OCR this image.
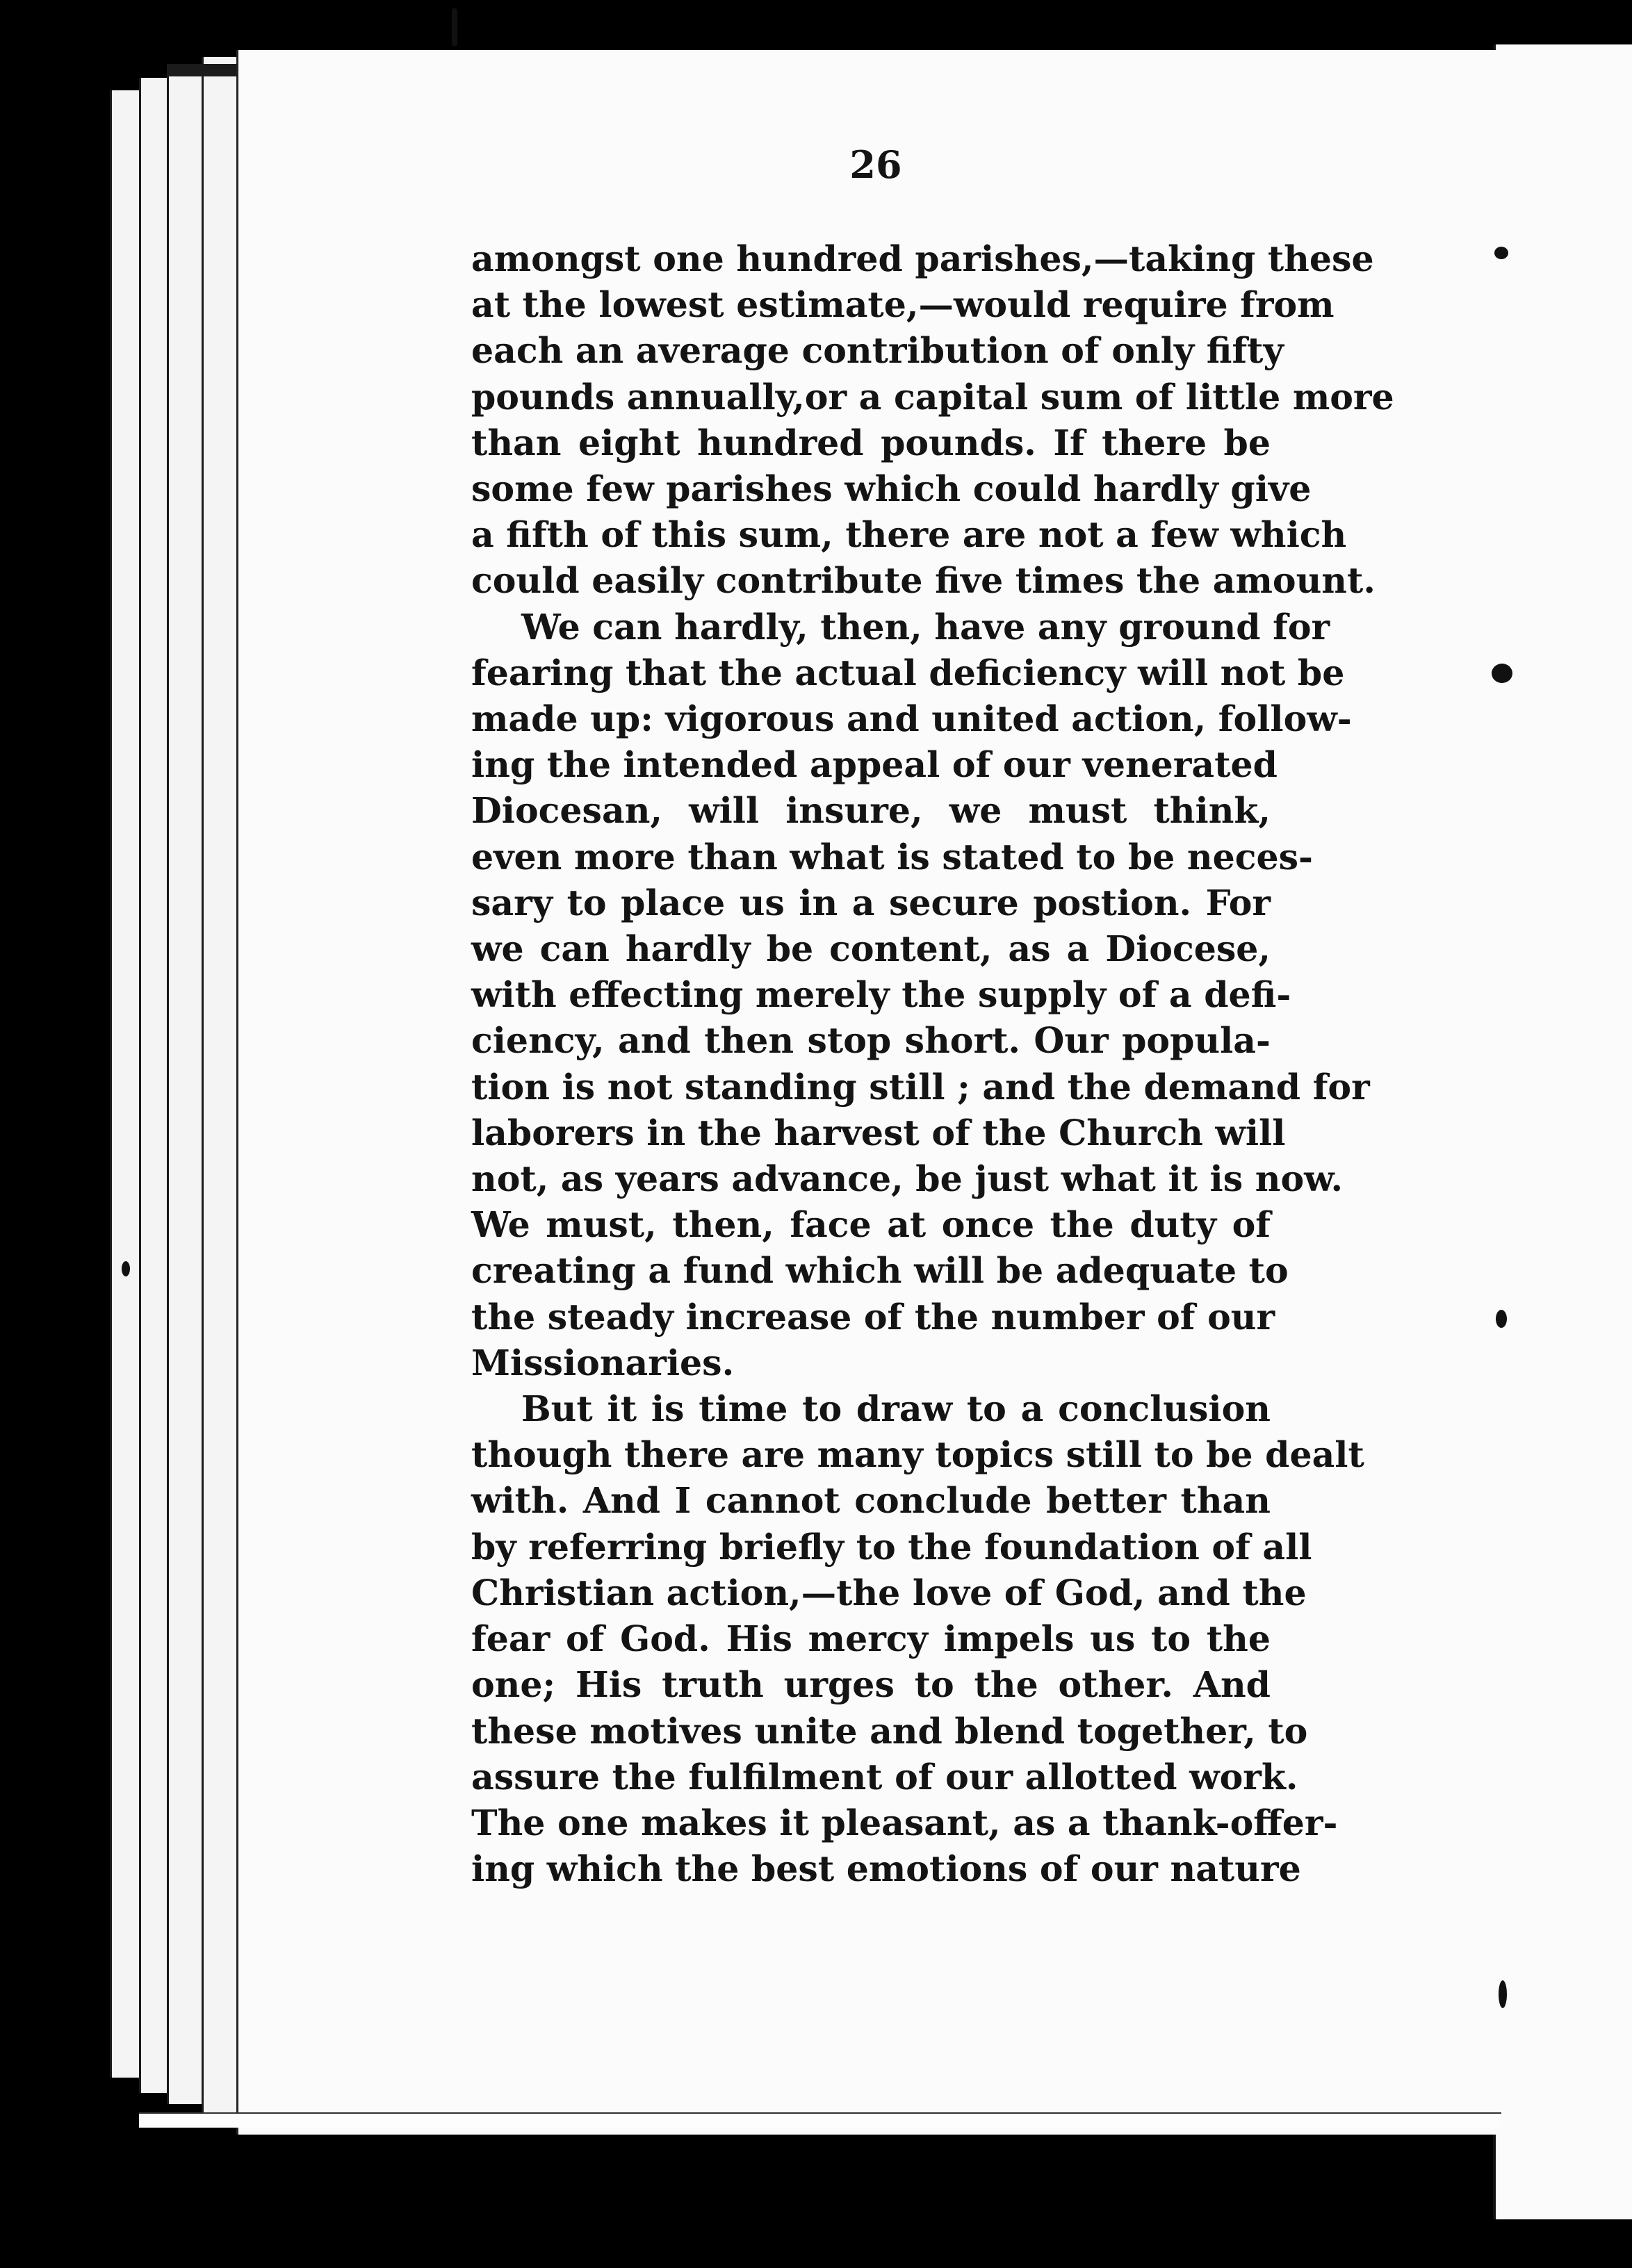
26
amongst one hundred parishes,—taking these
at the lowest estimate,—would require from
each an average contribution of only fifty
pounds annually,or a capital sum of little more
than eight hundred pounds. If there be
some few parishes which could hardly give
a fifth of this sum, there are not a few which
could easily contribute five times the amount.
We can hardly, then, have any ground for
fearing that the actual deficiency will not be
made up: vigorous and united action, follow-
ing the intended appeal of our venerated
Diocesan, will insure, we must think,
even more than what is stated to be neces-
sary to place us in a secure postion. For
we can hardly be content, as a Diocese,
with effecting merely the supply of a defi-
ciency, and then stop short. Our popula-
tion is not standing still ; and the demand for
laborers in the harvest of the Church will
not, as years advance, be just what it is now.
We must, then, face at once the duty of
creating a fund which will be adequate to
the steady increase of the number of our
Missionaries.
But it is time to draw to a conclusion
though there are many topics still to be dealt
with. And I cannot conclude better than
by referring briefly to the foundation of all
Christian action,—the love of God, and the
fear of God. His mercy impels us to the
one; His truth urges to the other. And
these motives unite and blend together, to
assure the fulfilment of our allotted work.
The one makes it pleasant, as a thank-offer-
ing which the best emotions of our nature
